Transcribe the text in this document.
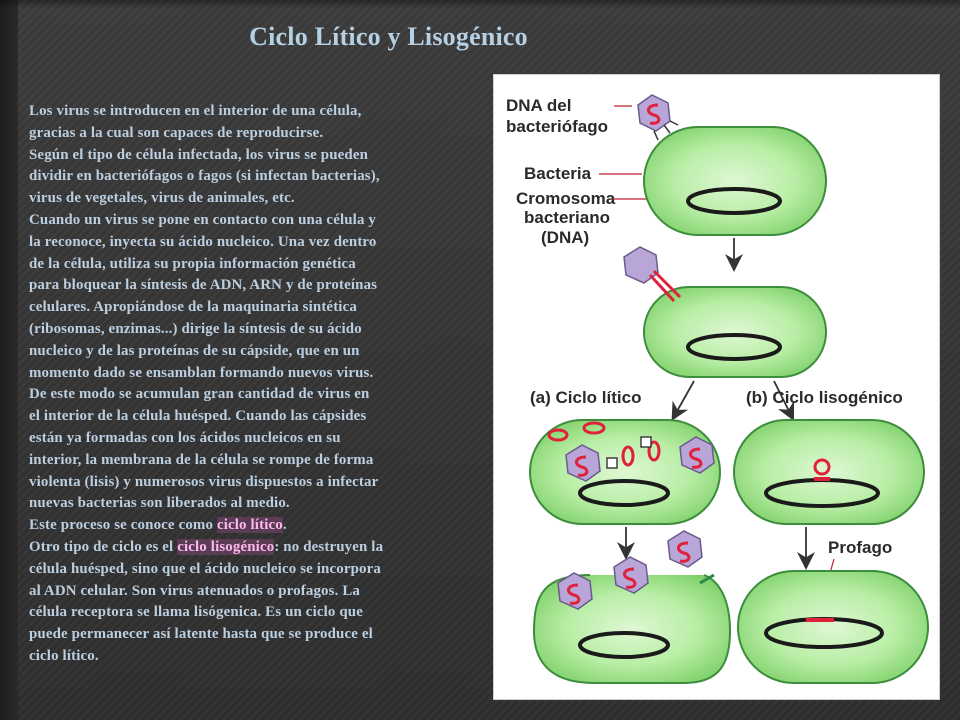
Ciclo Lítico y Lisogénico
Los virus se introducen en el interior de una célula,
gracias a la cual son capaces de reproducirse.
Según el tipo de célula infectada, los virus se pueden
dividir en bacteriófagos o fagos (si infectan bacterias),
virus de vegetales, virus de animales, etc.
Cuando un virus se pone en contacto con una célula y
la reconoce, inyecta su ácido nucleico. Una vez dentro
de la célula, utiliza su propia información genética
para bloquear la síntesis de ADN, ARN y de proteínas
celulares. Apropiándose de la maquinaria sintética
(ribosomas, enzimas...) dirige la síntesis de su ácido
nucleico y de las proteínas de su cápside, que en un
momento dado se ensamblan formando nuevos virus.
De este modo se acumulan gran cantidad de virus en
el interior de la célula huésped. Cuando las cápsides
están ya formadas con los ácidos nucleicos en su
interior, la membrana de la célula se rompe de forma
violenta (lisis) y numerosos virus dispuestos a infectar
nuevas bacterias son liberados al medio.
Este proceso se conoce como ciclo lítico.
Otro tipo de ciclo es el ciclo lisogénico: no destruyen la
célula huésped, sino que el ácido nucleico se incorpora
al ADN celular. Son virus atenuados o profagos. La
célula receptora se llama lisógenica. Es un ciclo que
puede permanecer así latente hasta que se produce el
ciclo lítico.
DNA del
bacteriófago
Bacteria
Cromosoma
bacteriano
(DNA)
(a) Ciclo lítico	(b) Ciclo lisogénico
Profago
